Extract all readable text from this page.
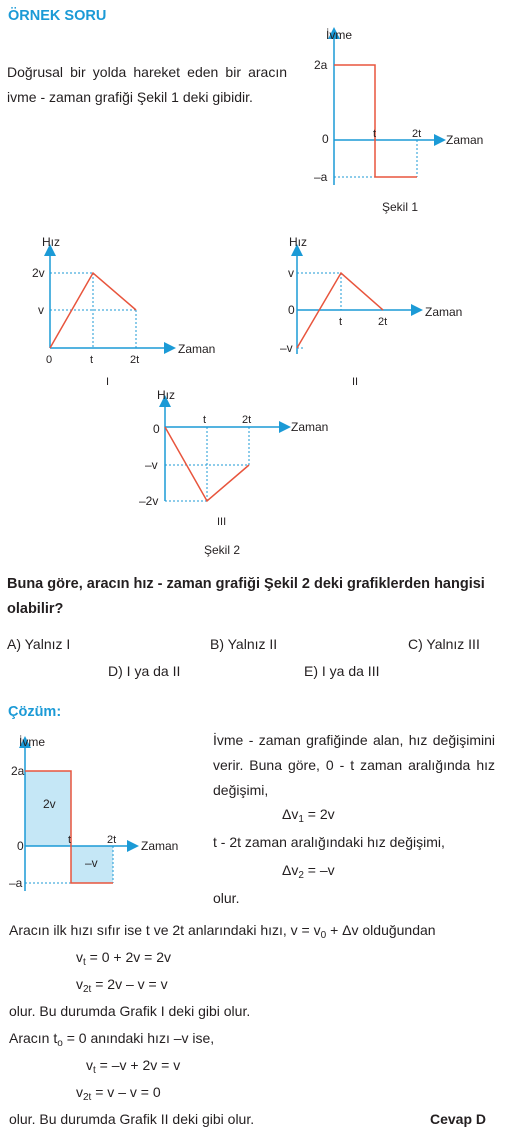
ÖRNEK SORU
Doğrusal bir yolda hareket eden bir aracın ivme - zaman grafiği Şekil 1 deki gibidir.
İvme
2a
0
–a
t	2t Zaman
Şekil 1
Hız
2v
v
0	t	2t
Zaman
I
Hız
v
0
–v
t	2t
Zaman
II
Hız
0
–v
–2v
t	2t	Zaman
III
Şekil 2
Buna göre, aracın hız - zaman grafiği Şekil 2 deki grafiklerden hangisi olabilir?
A) Yalnız I	B) Yalnız II	C) Yalnız III
D) I ya da II	E) I ya da III
Çözüm:
İvme
2a
0
–a
t	2t Zaman
2v
–v
İvme - zaman grafiğinde alan, hız değişimini verir. Buna göre, 0 - t zaman aralığında hız değişimi,
$\Delta v_1 = 2v$
t - 2t zaman aralığındaki hız değişimi,
$\Delta v_2 = -v$
olur.
Aracın ilk hızı sıfır ise t ve 2t anlarındaki hızı, $v = v_0 + \Delta v$ olduğundan
$v_t = 0 + 2v = 2v$
$v_{2t} = 2v - v = v$
olur. Bu durumda Grafik I deki gibi olur.
Aracın $t_o = 0$ anındaki hızı –v ise,
$v_t = -v + 2v = v$
$v_{2t} = v - v = 0$
olur. Bu durumda Grafik II deki gibi olur.	Cevap D
